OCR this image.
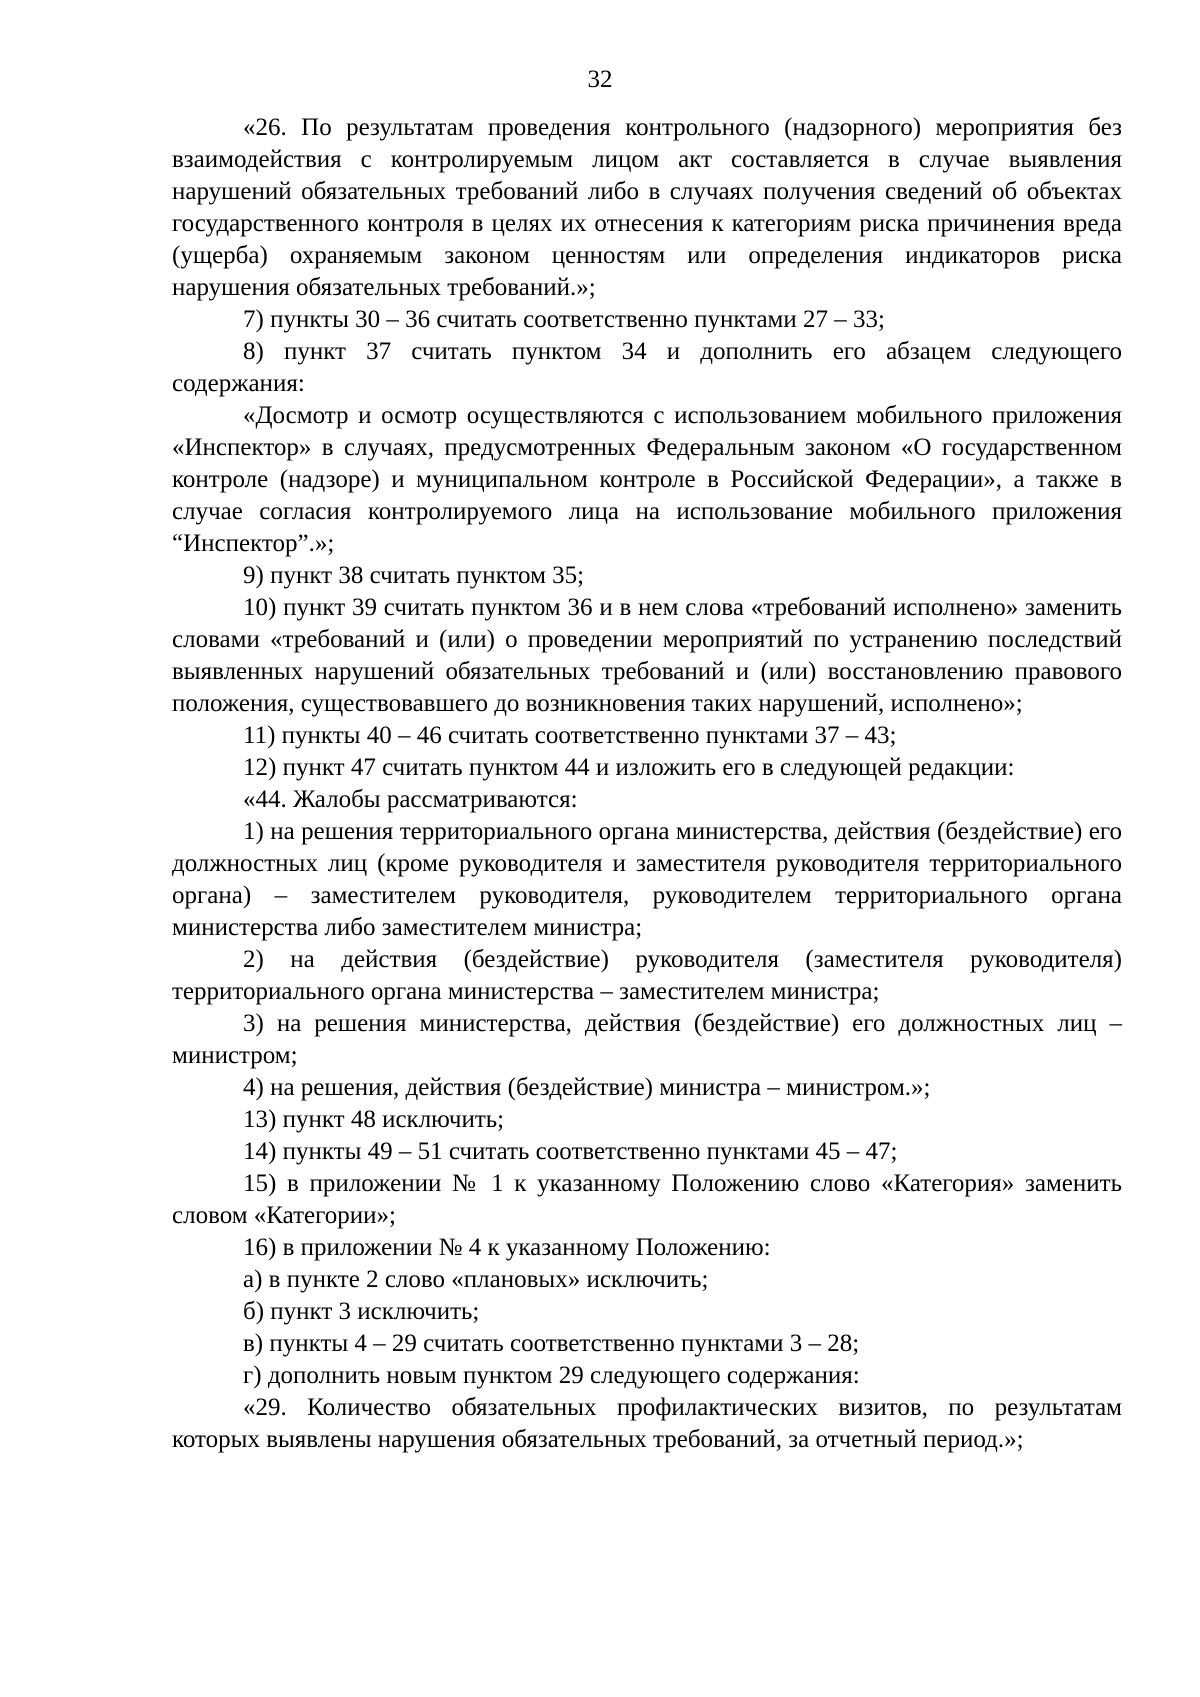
32

«26. По результатам проведения контрольного (надзорного) мероприятия без взаимодействия с контролируемым лицом акт составляется в случае выявления нарушений обязательных требований либо в случаях получения сведений об объектах государственного контроля в целях их отнесения к категориям риска причинения вреда (ущерба) охраняемым законом ценностям или определения индикаторов риска нарушения обязательных требований.»;

7) пункты 30 – 36 считать соответственно пунктами 27 – 33;

8) пункт 37 считать пунктом 34 и дополнить его абзацем следующего содержания:

«Досмотр и осмотр осуществляются с использованием мобильного приложения «Инспектор» в случаях, предусмотренных Федеральным законом «О государственном контроле (надзоре) и муниципальном контроле в Российской Федерации», а также в случае согласия контролируемого лица на использование мобильного приложения “Инспектор”.»;

9) пункт 38 считать пунктом 35;

10) пункт 39 считать пунктом 36 и в нем слова «требований исполнено» заменить словами «требований и (или) о проведении мероприятий по устранению последствий выявленных нарушений обязательных требований и (или) восстановлению правового положения, существовавшего до возникновения таких нарушений, исполнено»;

11) пункты 40 – 46 считать соответственно пунктами 37 – 43;

12) пункт 47 считать пунктом 44 и изложить его в следующей редакции:

«44. Жалобы рассматриваются:

1) на решения территориального органа министерства, действия (бездействие) его должностных лиц (кроме руководителя и заместителя руководителя территориального органа) – заместителем руководителя, руководителем территориального органа министерства либо заместителем министра;

2) на действия (бездействие) руководителя (заместителя руководителя) территориального органа министерства – заместителем министра;

3) на решения министерства, действия (бездействие) его должностных лиц – министром;

4) на решения, действия (бездействие) министра – министром.»;

13) пункт 48 исключить;

14) пункты 49 – 51 считать соответственно пунктами 45 – 47;

15) в приложении № 1 к указанному Положению слово «Категория» заменить словом «Категории»;

16) в приложении № 4 к указанному Положению:

а) в пункте 2 слово «плановых» исключить;

б) пункт 3 исключить;

в) пункты 4 – 29 считать соответственно пунктами 3 – 28;

г) дополнить новым пунктом 29 следующего содержания:

«29. Количество обязательных профилактических визитов, по результатам которых выявлены нарушения обязательных требований, за отчетный период.»;
